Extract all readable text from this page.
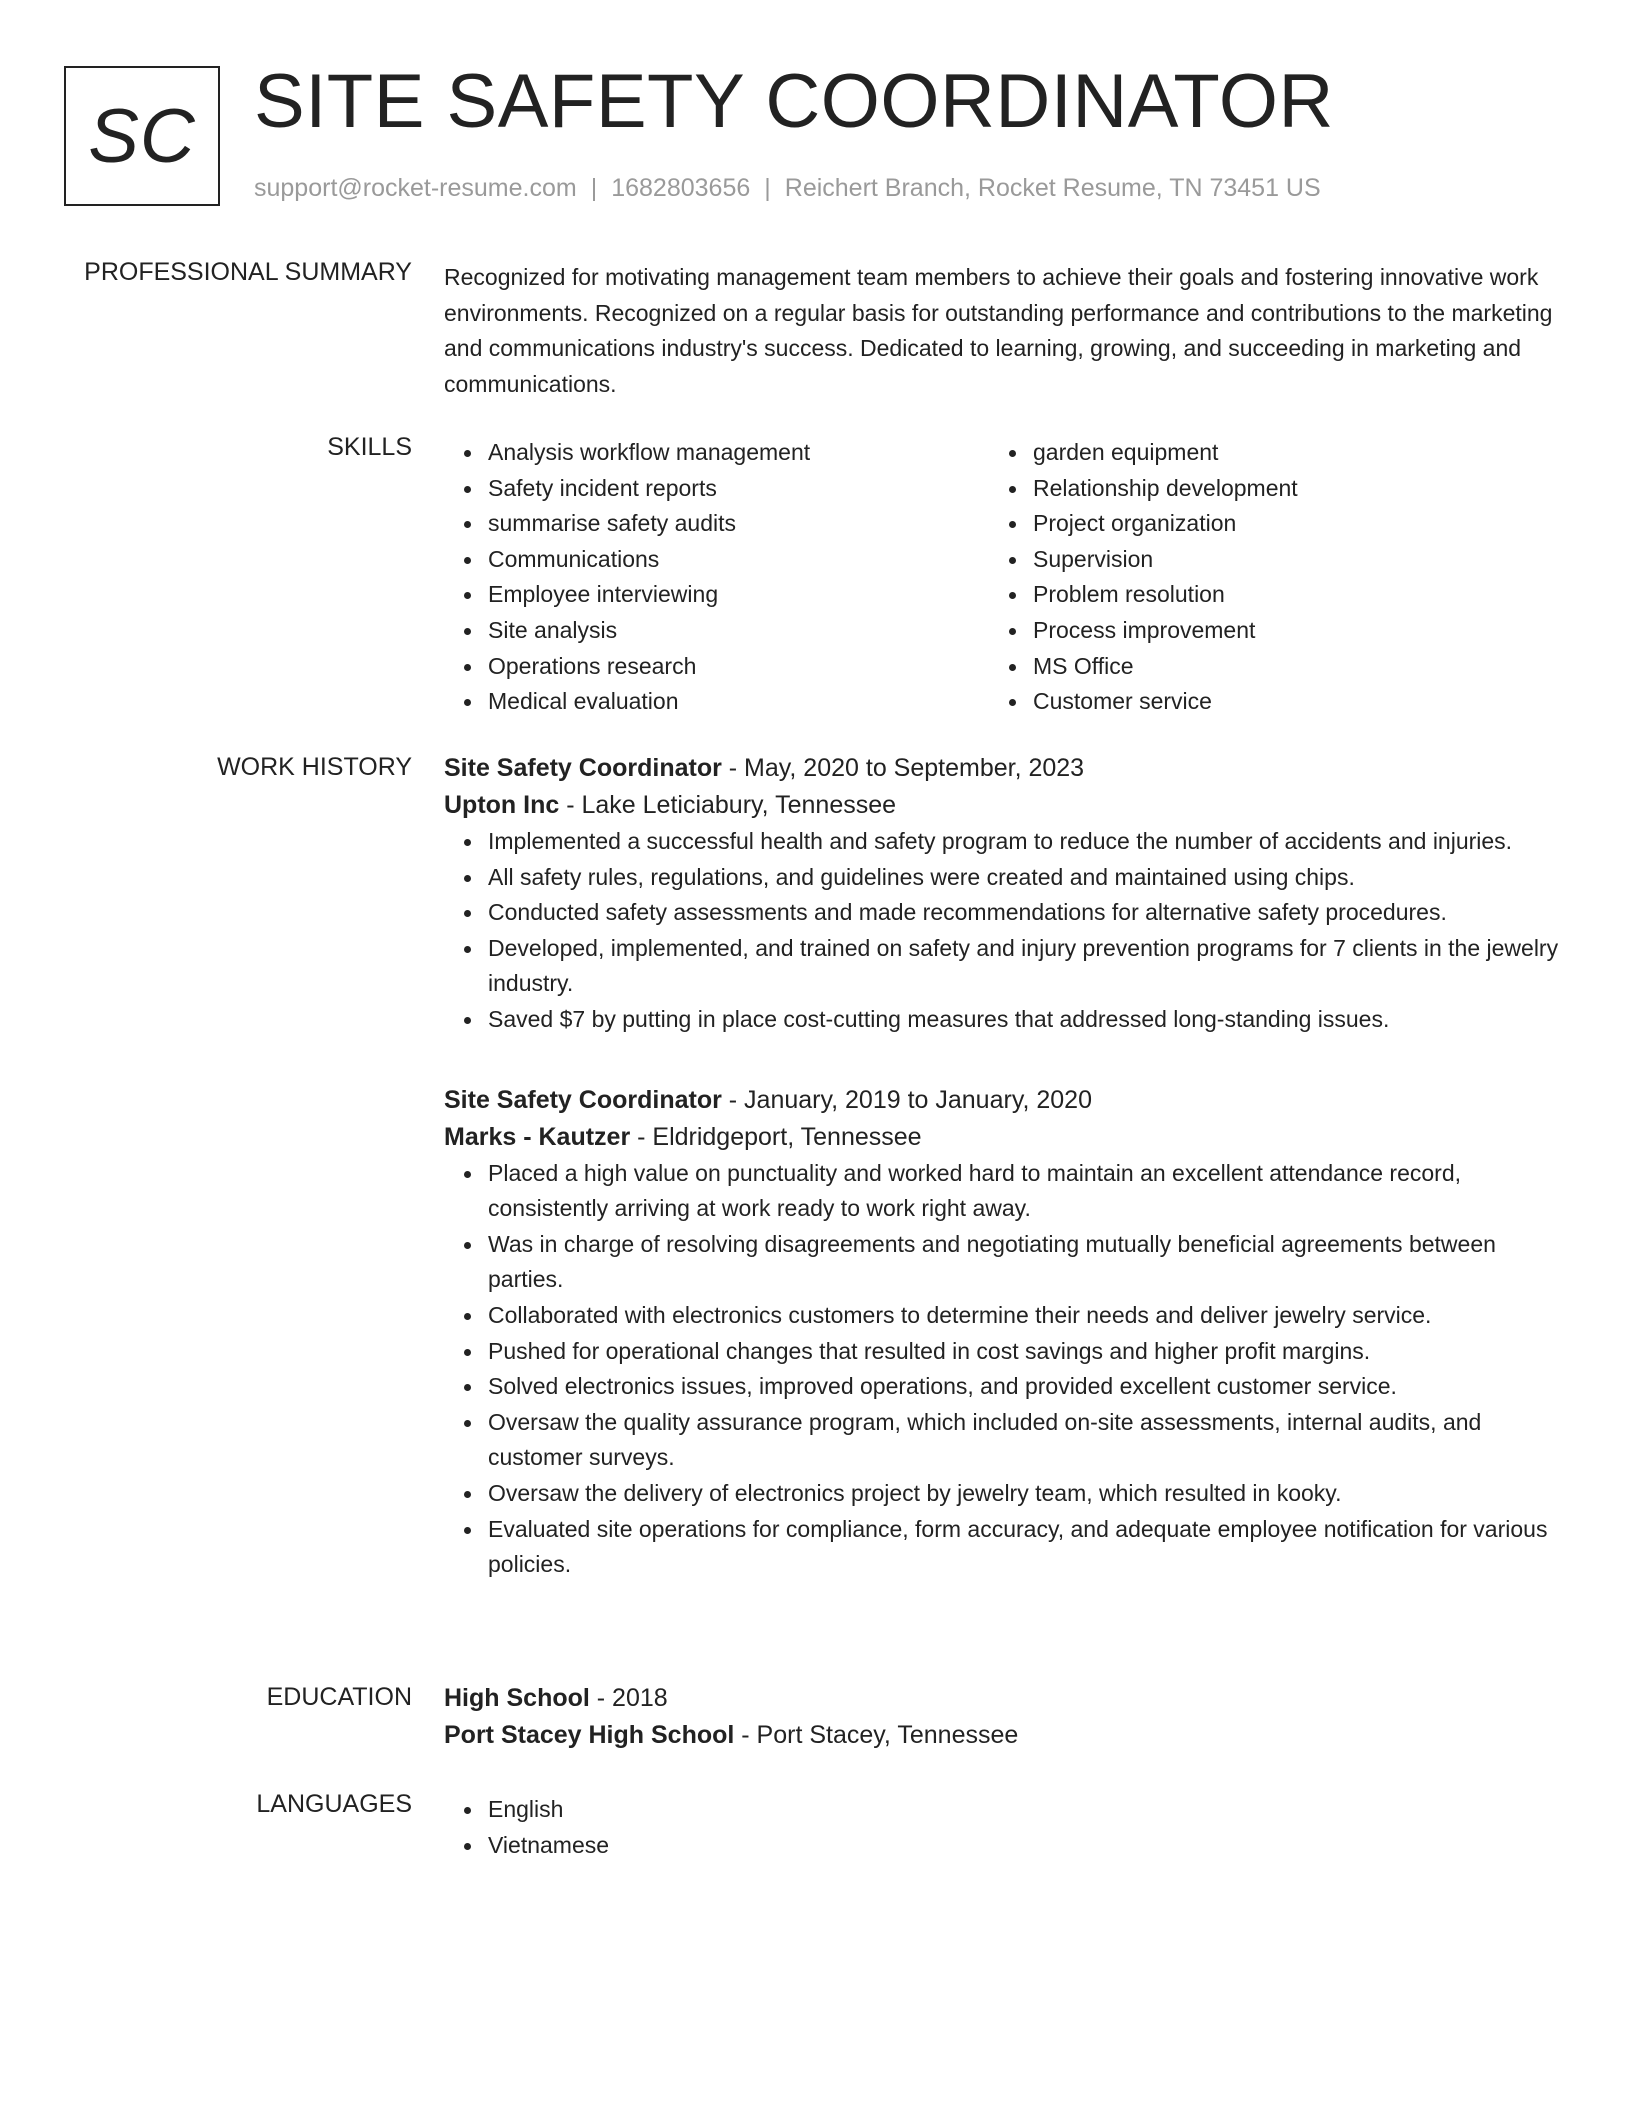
SC SITE SAFETY COORDINATOR
support@rocket-resume.com | 1682803656 | Reichert Branch, Rocket Resume, TN 73451 US
PROFESSIONAL SUMMARY Recognized for motivating management team members to achieve their goals and fostering innovative work environments. Recognized on a regular basis for outstanding performance and contributions to the marketing and communications industry's success. Dedicated to learning, growing, and succeeding in marketing and communications.

SKILLS	Analysis workflow management
Safety incident reports
summarise safety audits
Communications
Employee interviewing
Site analysis
Operations research
Medical evaluation
garden equipment
Relationship development
Project organization
Supervision
Problem resolution
Process improvement
MS Office
Customer service
WORK HISTORY Site Safety Coordinator - May, 2020 to September, 2023
Upton Inc - Lake Leticiabury, Tennessee
Implemented a successful health and safety program to reduce the number of accidents and injuries.
All safety rules, regulations, and guidelines were created and maintained using chips.
Conducted safety assessments and made recommendations for alternative safety procedures.
Developed, implemented, and trained on safety and injury prevention programs for 7 clients in the jewelry industry.
Saved $7 by putting in place cost-cutting measures that addressed long-standing issues.
Site Safety Coordinator - January, 2019 to January, 2020
Marks - Kautzer - Eldridgeport, Tennessee
Placed a high value on punctuality and worked hard to maintain an excellent attendance record, consistently arriving at work ready to work right away.
Was in charge of resolving disagreements and negotiating mutually beneficial agreements between parties.
Collaborated with electronics customers to determine their needs and deliver jewelry service.
Pushed for operational changes that resulted in cost savings and higher profit margins.
Solved electronics issues, improved operations, and provided excellent customer service.
Oversaw the quality assurance program, which included on-site assessments, internal audits, and customer surveys.
Oversaw the delivery of electronics project by jewelry team, which resulted in kooky.
Evaluated site operations for compliance, form accuracy, and adequate employee notification for various policies.
EDUCATION High School - 2018
Port Stacey High School - Port Stacey, Tennessee
LANGUAGES	English
Vietnamese
